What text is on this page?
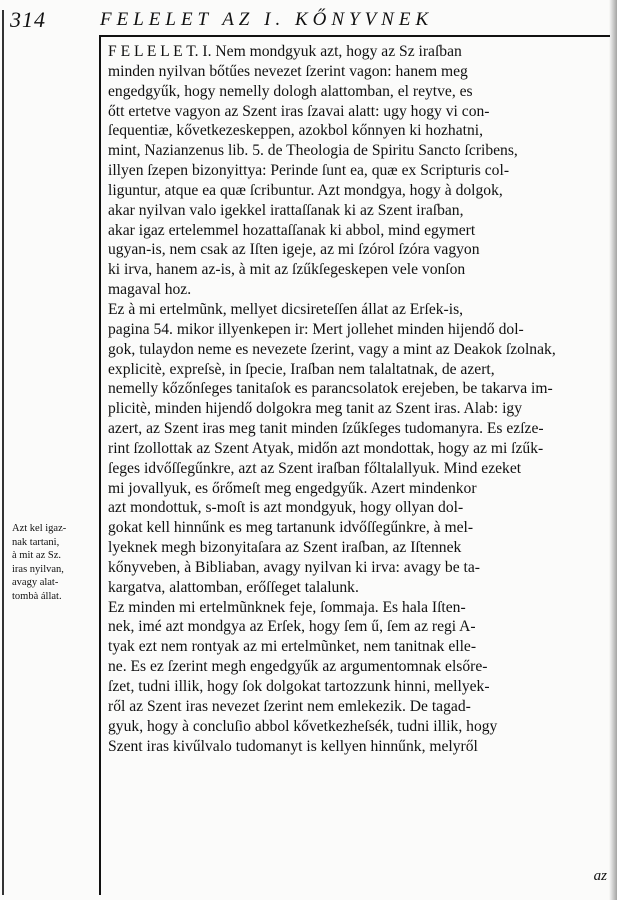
314	FELELET AZ I. KŐNYVNEK
F E L E L E T. I. Nem mondgyuk azt, hogy az Sz iraſban
minden nyilvan bőtűes nevezet ſzerint vagon: hanem meg
engedgyűk, hogy nemelly dologh alattomban, el reytve, es
őtt ertetve vagyon az Szent iras ſzavai alatt: ugy hogy vi con-
ſequentiæ, kővetkezeskeppen, azokbol kőnnyen ki hozhatni,
mint, Nazianzenus lib. 5. de Theologia de Spiritu Sancto ſcribens,
illyen ſzepen bizonyittya: Perinde ſunt ea, quæ ex Scripturis col-
liguntur, atque ea quæ ſcribuntur. Azt mondgya, hogy à dolgok,
akar nyilvan valo igekkel irattaſſanak ki az Szent iraſban,
akar igaz ertelemmel hozattaſſanak ki abbol, mind egymert
ugyan-is, nem csak az Iſten igeje, az mi ſzórol ſzóra vagyon
ki irva, hanem az-is, à mit az ſzűkſegeskepen vele vonſon
magaval hoz.
Ez à mi ertelmũnk, mellyet dicsireteſſen állat az Erſek-is,
pagina 54. mikor illyenkepen ir: Mert jollehet minden hijendő dol-
gok, tulaydon neme es nevezete ſzerint, vagy a mint az Deakok ſzolnak,
explicitè, expreſsè, in ſpecie, Iraſban nem talaltatnak, de azert,
nemelly kőzőnſeges tanitaſok es parancsolatok erejeben, be takarva im-
plicitè, minden hijendő dolgokra meg tanit az Szent iras. Alab: igy
azert, az Szent iras meg tanit minden ſzűkſeges tudomanyra. Es ezſze-
rint ſzollottak az Szent Atyak, midőn azt mondottak, hogy az mi ſzűk-
ſeges idvőſſegűnkre, azt az Szent iraſban főltalallyuk. Mind ezeket
mi jovallyuk, es őrőmeſt meg engedgyűk. Azert mindenkor
azt mondottuk, s-moſt is azt mondgyuk, hogy ollyan dol-
gokat kell hinnűnk es meg tartanunk idvőſſegűnkre, à mel-
lyeknek megh bizonyitaſara az Szent iraſban, az Iſtennek
kőnyveben, à Bibliaban, avagy nyilvan ki irva: avagy be ta-
kargatva, alattomban, erőſſeget talalunk.
Ez minden mi ertelmũnknek feje, ſommaja. Es hala Iſten-
nek, imé azt mondgya az Erſek, hogy ſem ű, ſem az regi A-
tyak ezt nem rontyak az mi ertelmũnket, nem tanitnak elle-
ne. Es ez ſzerint megh engedgyűk az argumentomnak elsőre-
ſzet, tudni illik, hogy ſok dolgokat tartozzunk hinni, mellyek-
ről az Szent iras nevezet ſzerint nem emlekezik. De tagad-
gyuk, hogy à concluſio abbol kővetkezheſsék, tudni illik, hogy
Szent iras kivűlvalo tudomanyt is kellyen hinnűnk, melyről
Azt kel igaz-
nak tartani,
à mit az Sz.
iras nyilvan,
avagy alat-
tombà állat.
az
